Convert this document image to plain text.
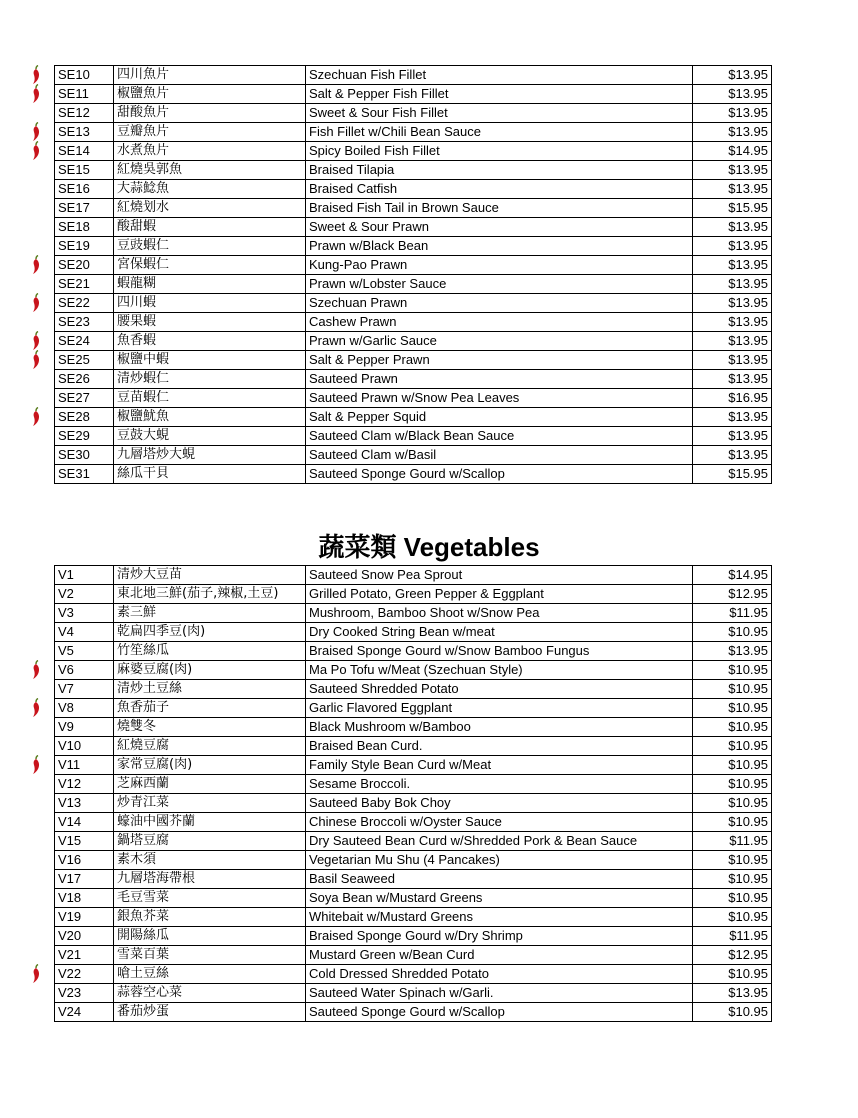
SE10	四川魚片	Szechuan Fish Fillet	$13.95
SE11	椒鹽魚片	Salt & Pepper Fish Fillet	$13.95
SE12	甜酸魚片	Sweet & Sour Fish Fillet	$13.95
SE13	豆瓣魚片	Fish Fillet w/Chili Bean Sauce	$13.95
SE14	水煮魚片	Spicy Boiled Fish Fillet	$14.95
SE15	紅燒吳郭魚	Braised Tilapia	$13.95
SE16	大蒜鯰魚	Braised Catfish	$13.95
SE17	紅燒划水	Braised Fish Tail in Brown Sauce	$15.95
SE18	酸甜蝦	Sweet & Sour Prawn	$13.95
SE19	豆豉蝦仁	Prawn w/Black Bean	$13.95
SE20	宮保蝦仁	Kung-Pao Prawn	$13.95
SE21	蝦龍糊	Prawn w/Lobster Sauce	$13.95
SE22	四川蝦	Szechuan Prawn	$13.95
SE23	腰果蝦	Cashew Prawn	$13.95
SE24	魚香蝦	Prawn w/Garlic Sauce	$13.95
SE25	椒鹽中蝦	Salt & Pepper Prawn	$13.95
SE26	清炒蝦仁	Sauteed Prawn	$13.95
SE27	豆苗蝦仁	Sauteed Prawn w/Snow Pea Leaves	$16.95
SE28	椒鹽魷魚	Salt & Pepper Squid	$13.95
SE29	豆鼓大蜆	Sauteed Clam w/Black Bean Sauce	$13.95
SE30	九層塔炒大蜆	Sauteed Clam w/Basil	$13.95
SE31	絲瓜干貝	Sauteed Sponge Gourd w/Scallop	$15.95
蔬菜類 Vegetables
V1	清炒大豆苗	Sauteed Snow Pea Sprout	$14.95
V2	東北地三鮮(茄子,辣椒,土豆)	Grilled Potato, Green Pepper & Eggplant	$12.95
V3	素三鮮	Mushroom, Bamboo Shoot w/Snow Pea	$11.95
V4	乾扁四季豆(肉)	Dry Cooked String Bean w/meat	$10.95
V5	竹笙絲瓜	Braised Sponge Gourd w/Snow Bamboo Fungus	$13.95
V6	麻婆豆腐(肉)	Ma Po Tofu w/Meat (Szechuan Style)	$10.95
V7	清炒土豆絲	Sauteed Shredded Potato	$10.95
V8	魚香茄子	Garlic Flavored Eggplant	$10.95
V9	燒雙冬	Black Mushroom w/Bamboo	$10.95
V10	紅燒豆腐	Braised Bean Curd.	$10.95
V11	家常豆腐(肉)	Family Style Bean Curd w/Meat	$10.95
V12	芝麻西蘭	Sesame Broccoli.	$10.95
V13	炒青江菜	Sauteed Baby Bok Choy	$10.95
V14	蠔油中國芥蘭	Chinese Broccoli w/Oyster Sauce	$10.95
V15	鍋塔豆腐	Dry Sauteed Bean Curd w/Shredded Pork & Bean Sauce	$11.95
V16	素木須	Vegetarian Mu Shu (4 Pancakes)	$10.95
V17	九層塔海帶根	Basil Seaweed	$10.95
V18	毛豆雪菜	Soya Bean w/Mustard Greens	$10.95
V19	銀魚芥菜	Whitebait w/Mustard Greens	$10.95
V20	開陽絲瓜	Braised Sponge Gourd w/Dry Shrimp	$11.95
V21	雪菜百葉	Mustard Green w/Bean Curd	$12.95
V22	嗆土豆絲	Cold Dressed Shredded Potato	$10.95
V23	蒜蓉空心菜	Sauteed Water Spinach w/Garli.	$13.95
V24	番茄炒蛋	Sauteed Sponge Gourd w/Scallop	$10.95
